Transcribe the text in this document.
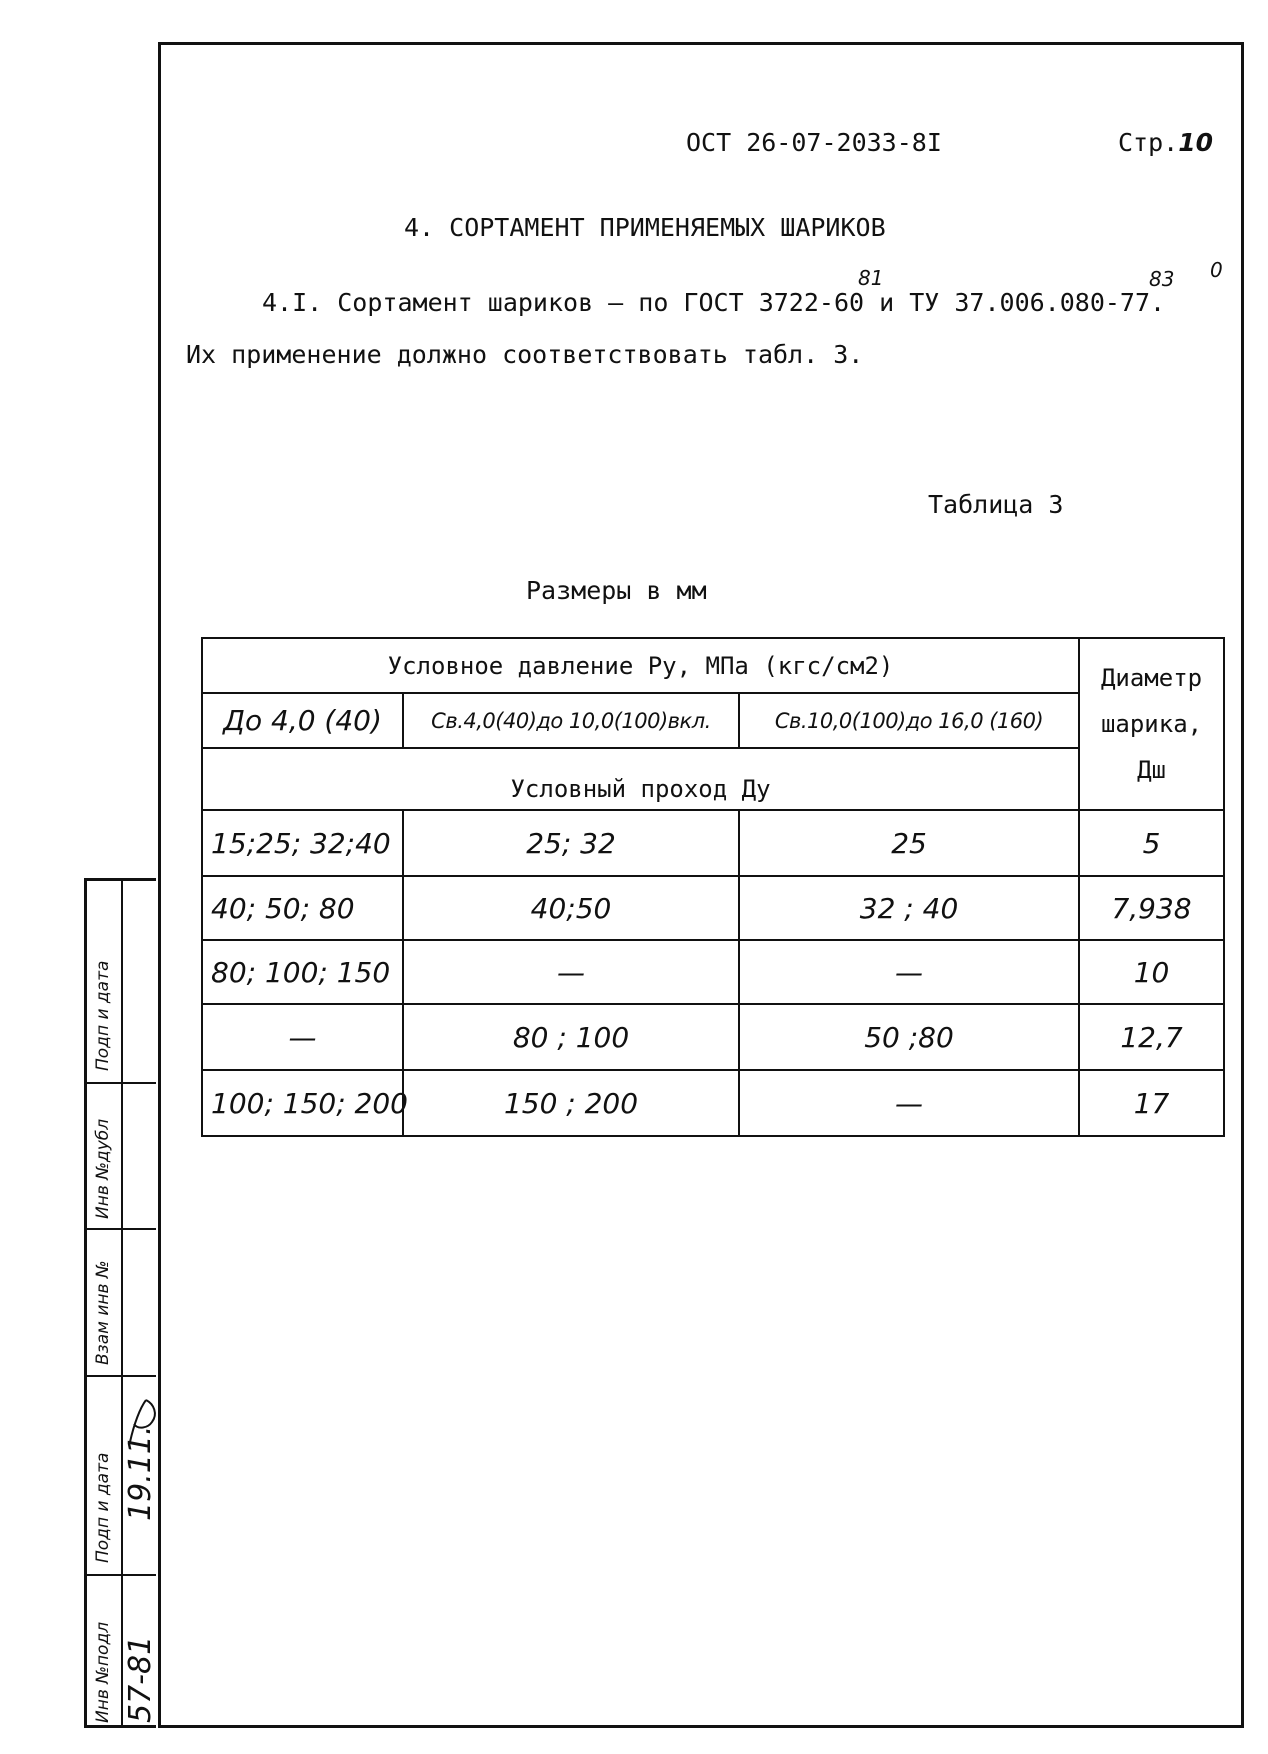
ОСТ 26-07-2033-8I	Стр.10
4. СОРТАМЕНТ ПРИМЕНЯЕМЫХ ШАРИКОВ
81	83 0
4.I. Сортамент шариков – по ГОСТ 3722-60 и ТУ 37.006.080-77.
Их применение должно соответствовать табл. 3.
Таблица 3
Размеры в мм
Условное давление Ру, МПа (кгс/см2)			Диаметр
шарика,
Дш

До 4,0 (40)	Св.4,0(40)до 10,0(100)вкл.	Св.10,0(100)до 16,0 (160)	
Условный проход Ду			
15;25; 32;40	25; 32	25	5
40; 50; 80	40;50	32 ; 40	7,938
80; 100; 150	—	—	10
—	80 ; 100	50 ;80	12,7
100; 150; 200	150 ; 200	—	17
Подп и дата
Инв №дубл
Взам инв №
Подп и дата
Инв №подл
19.11.
57-81
